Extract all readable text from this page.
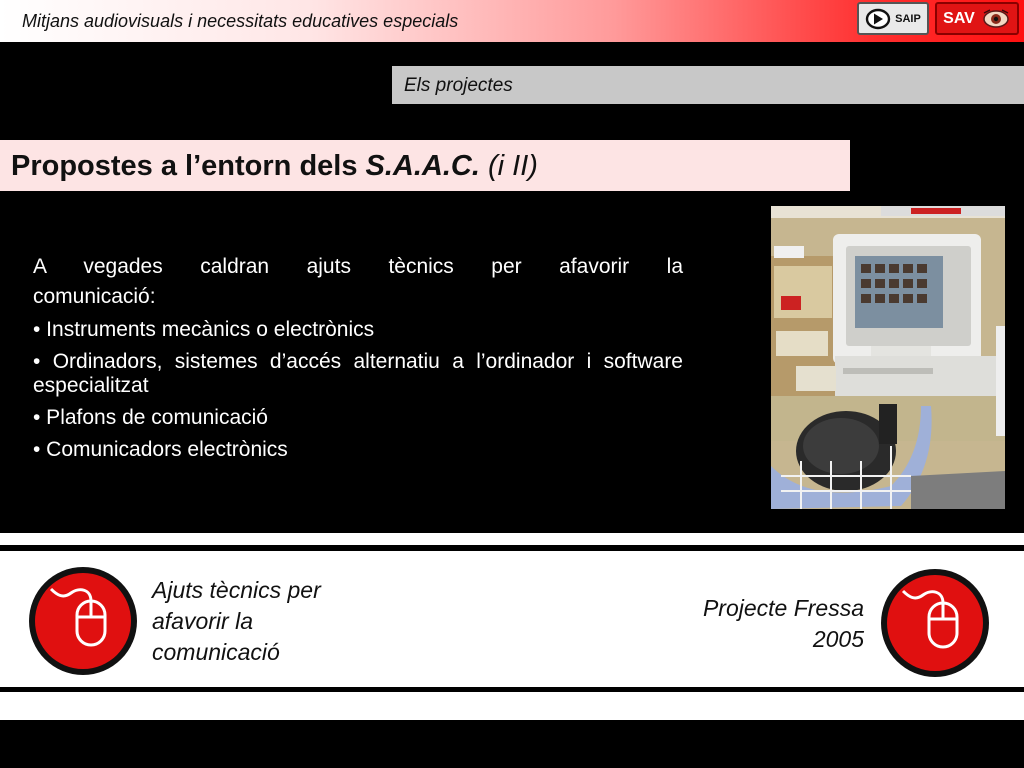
Mitjans audiovisuals i necessitats educatives especials	SAIP SAV
Els projectes
Propostes a l’entorn dels S.A.A.C. (i II)
A vegades caldran ajuts tècnics per afavorir la
comunicació:
• Instruments mecànics o electrònics
• Ordinadors, sistemes d’accés alternatiu a l’ordinador i software especialitzat
• Plafons de comunicació
• Comunicadors electrònics
Ajuts tècnics per
afavorir la
comunicació
Projecte Fressa
2005
